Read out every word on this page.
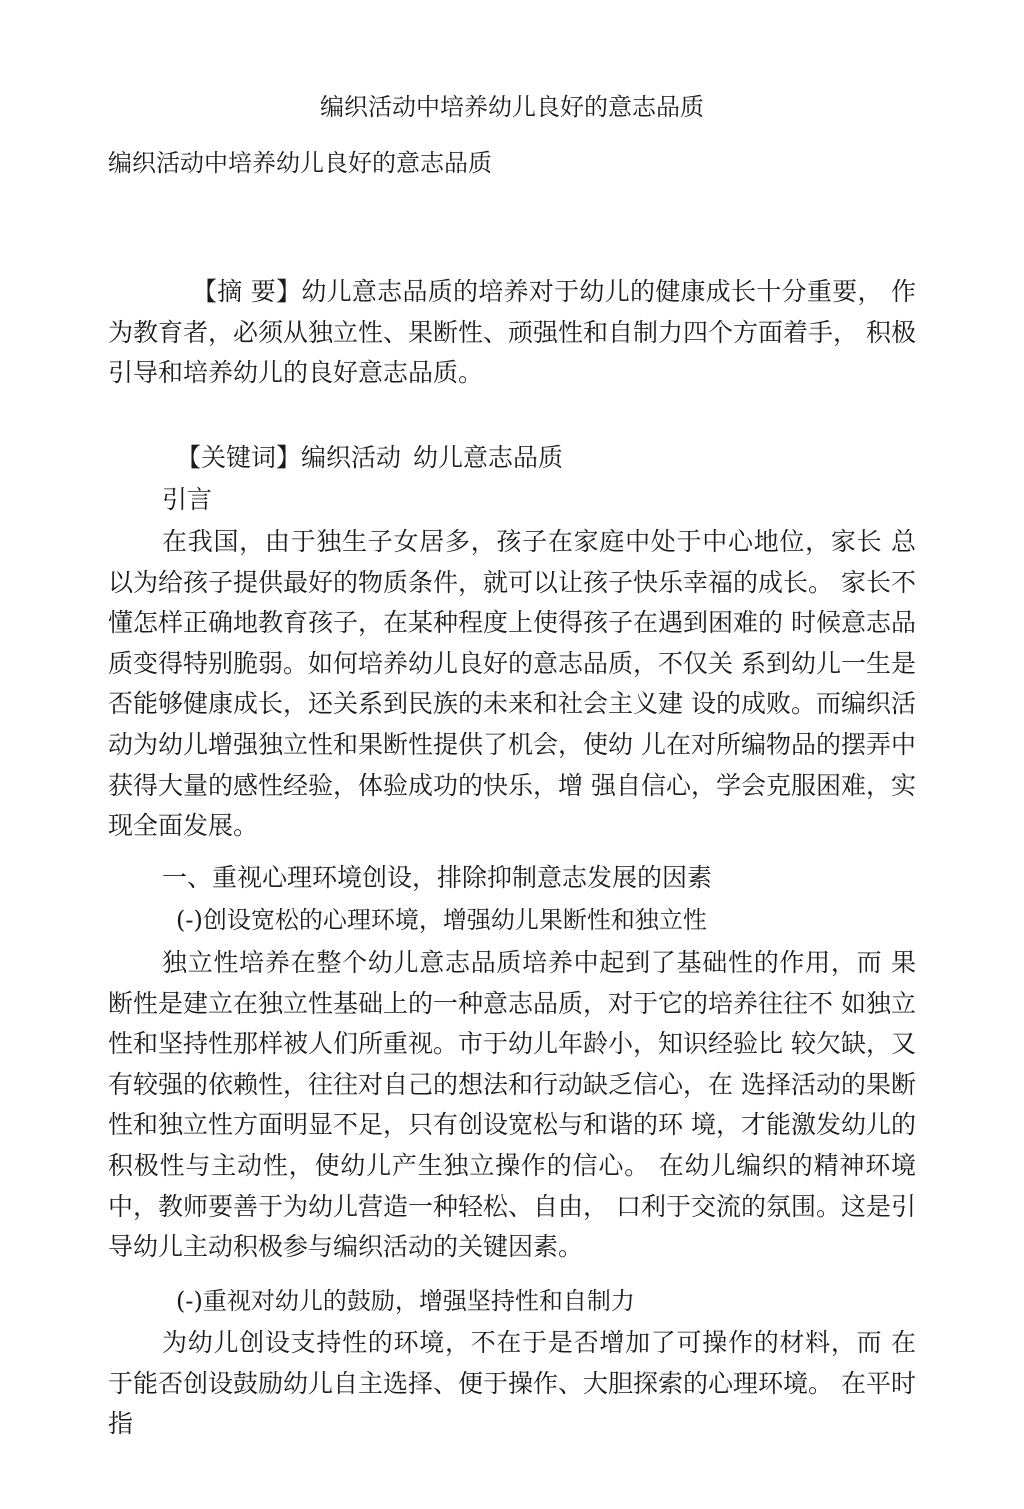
编织活动中培养幼儿良好的意志品质
编织活动中培养幼儿良好的意志品质

【摘 要】幼儿意志品质的培养对于幼儿的健康成长十分重要， 作为教育者，必须从独立性、果断性、顽强性和自制力四个方面着手， 积极引导和培养幼儿的良好意志品质。

【关键词】编织活动 幼儿意志品质
引言

在我国，由于独生子女居多，孩子在家庭中处于中心地位，家长 总以为给孩子提供最好的物质条件，就可以让孩子快乐幸福的成长。 家长不懂怎样正确地教育孩子，在某种程度上使得孩子在遇到困难的 时候意志品质变得特别脆弱。如何培养幼儿良好的意志品质，不仅关 系到幼儿一生是否能够健康成长，还关系到民族的未来和社会主义建 设的成败。而编织活动为幼儿增强独立性和果断性提供了机会，使幼 儿在对所编物品的摆弄中获得大量的感性经验，体验成功的快乐，增 强自信心，学会克服困难，实现全面发展。

一、重视心理环境创设，排除抑制意志发展的因素
(-)创设宽松的心理环境，增强幼儿果断性和独立性

独立性培养在整个幼儿意志品质培养中起到了基础性的作用，而 果断性是建立在独立性基础上的一种意志品质，对于它的培养往往不 如独立性和坚持性那样被人们所重视。市于幼儿年龄小，知识经验比 较欠缺，又有较强的依赖性，往往对自己的想法和行动缺乏信心，在 选择活动的果断性和独立性方面明显不足，只有创设宽松与和谐的环 境，才能激发幼儿的积极性与主动性，使幼儿产生独立操作的信心。 在幼儿编织的精神环境中，教师要善于为幼儿营造一种轻松、自由， 口利于交流的氛围。这是引导幼儿主动积极参与编织活动的关键因素。

(-)重视对幼儿的鼓励，增强坚持性和自制力

为幼儿创设支持性的环境，不在于是否增加了可操作的材料，而 在于能否创设鼓励幼儿自主选择、便于操作、大胆探索的心理环境。 在平时指
